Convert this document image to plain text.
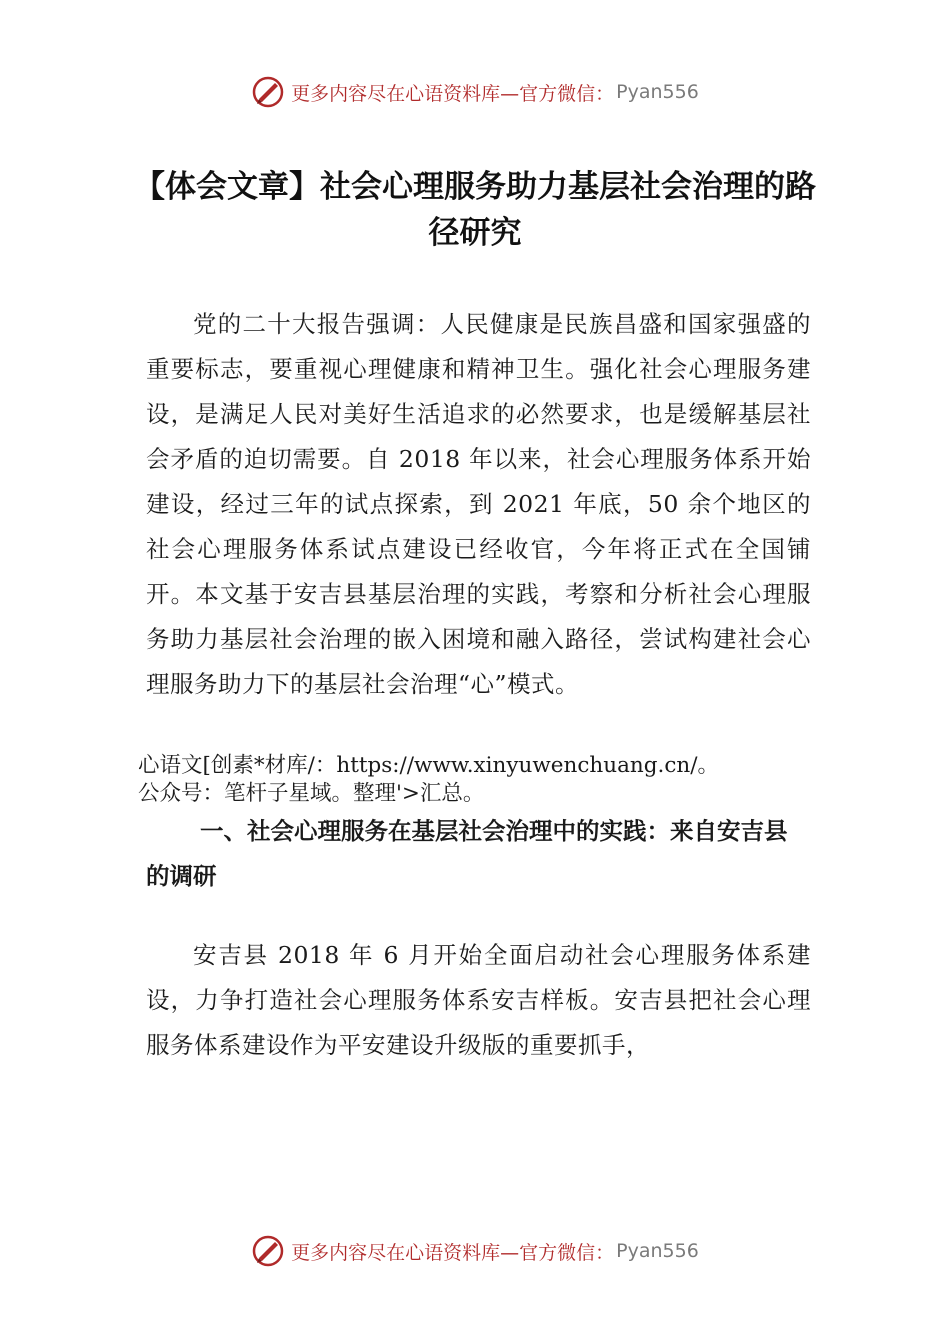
更多内容尽在心语资料库—官方微信： Pyan556
【体会文章】社会心理服务助力基层社会治理的路径研究

党的二十大报告强调：人民健康是民族昌盛和国家强盛的重要标志，要重视心理健康和精神卫生。强化社会心理服务建设，是满足人民对美好生活追求的必然要求，也是缓解基层社会矛盾的迫切需要。自 2018 年以来，社会心理服务体系开始建设，经过三年的试点探索，到 2021 年底，50 余个地区的社会心理服务体系试点建设已经收官，今年将正式在全国铺开。本文基于安吉县基层治理的实践，考察和分析社会心理服务助力基层社会治理的嵌入困境和融入路径，尝试构建社会心理服务助力下的基层社会治理“心”模式。

心语文[创素*材库/：https://www.xinyuwenchuang.cn/。
公众号：笔杆子星域。整理'>汇总。

一、社会心理服务在基层社会治理中的实践：来自安吉县的调研

安吉县 2018 年 6 月开始全面启动社会心理服务体系建设，力争打造社会心理服务体系安吉样板。安吉县把社会心理服务体系建设作为平安建设升级版的重要抓手，

更多内容尽在心语资料库—官方微信： Pyan556
